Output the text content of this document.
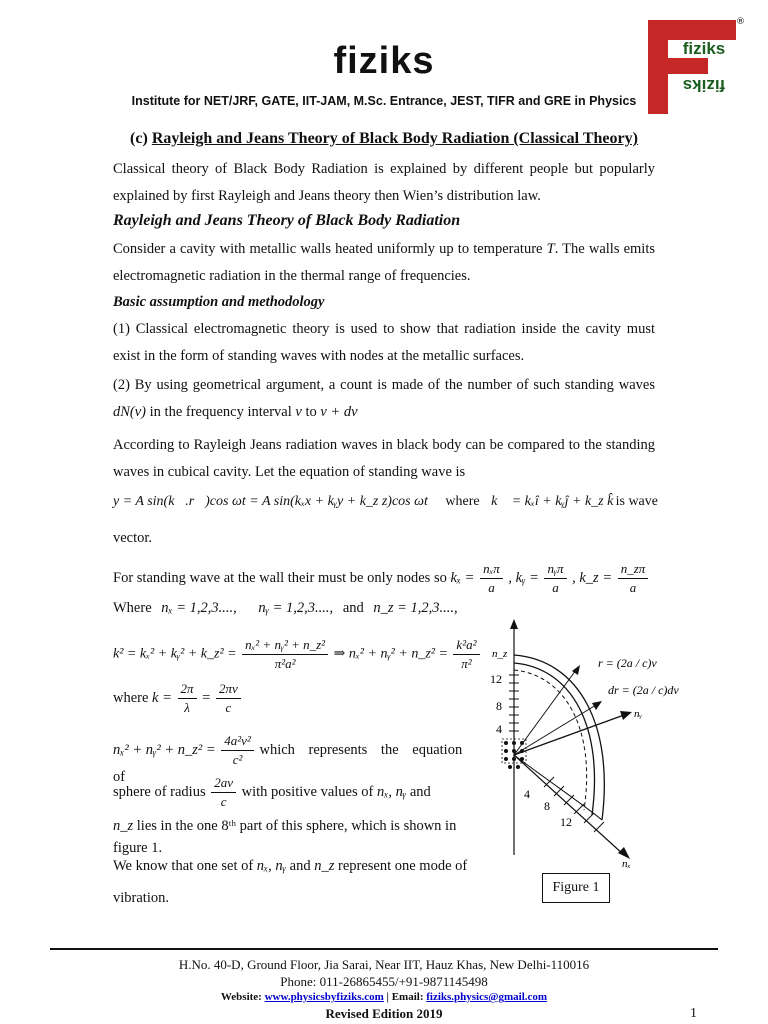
fiziks
Institute for NET/JRF, GATE, IIT-JAM, M.Sc. Entrance, JEST, TIFR and GRE in Physics
fiziks
fiziks
®
(c) Rayleigh and Jeans Theory of Black Body Radiation (Classical Theory)
Classical theory of Black Body Radiation is explained by different people but popularly explained by first Rayleigh and Jeans theory then Wien’s distribution law.
Rayleigh and Jeans Theory of Black Body Radiation
Consider a cavity with metallic walls heated uniformly up to temperature T. The walls emits electromagnetic radiation in the thermal range of frequencies.
Basic assumption and methodology
(1) Classical electromagnetic theory is used to show that radiation inside the cavity must exist in the form of standing waves with nodes at the metallic surfaces.
(2) By using geometrical argument, a count is made of the number of such standing waves dN(ν) in the frequency interval ν to ν + dν
According to Rayleigh Jeans radiation waves in black body can be compared to the standing waves in cubical cavity. Let the equation of standing wave is
y = A sin(k⃗.r⃗)cos ωt = A sin(kₓx + kᵧy + k_z z)cos ωt where k⃗ = kₓî + kᵧĵ + k_z k̂ is wave
vector.
For standing wave at the wall their must be only nodes so $k_x = \frac{\text{nₓπ}}{a}$ , kᵧ = $\frac{\text{nᵧπ}}{a}$ , k_z = $\frac{n\_z\pi}{a}$
Where nₓ = 1,2,3...., nᵧ = 1,2,3...., and n_z = 1,2,3....,
k² = kₓ² + kᵧ² + k_z² = $\frac{\text{nₓ² + nᵧ² + n\_z²}}{\text{π²a²}}$ ⇒ nₓ² + nᵧ² + n_z² = $\frac{\text{k²a²}}{\text{π²}}$
where $k = \frac{2\pi}{\lambda} = \frac{2\pi\nu}{c}$
nₓ² + nᵧ² + n_z² = $\frac{\text{4a²ν²}}{\text{c²}}$ which represents the equation of
sphere of radius $\frac{2a\nu}{c}$ with positive values of nₓ, nᵧ and
n_z lies in the one 8ᵗʰ part of this sphere, which is shown in
figure 1.
We know that one set of nₓ, nᵧ and n_z represent one mode of
vibration.
n_z
12
8
4
4
8
12
nₓ
nᵧ
r = (2a / c)ν
dr = (2a / c)dν
Figure 1
H.No. 40-D, Ground Floor, Jia Sarai, Near IIT, Hauz Khas, New Delhi-110016
Phone: 011-26865455/+91-9871145498
Website: www.physicsbyfiziks.com | Email: fiziks.physics@gmail.com
Revised Edition 2019	1
